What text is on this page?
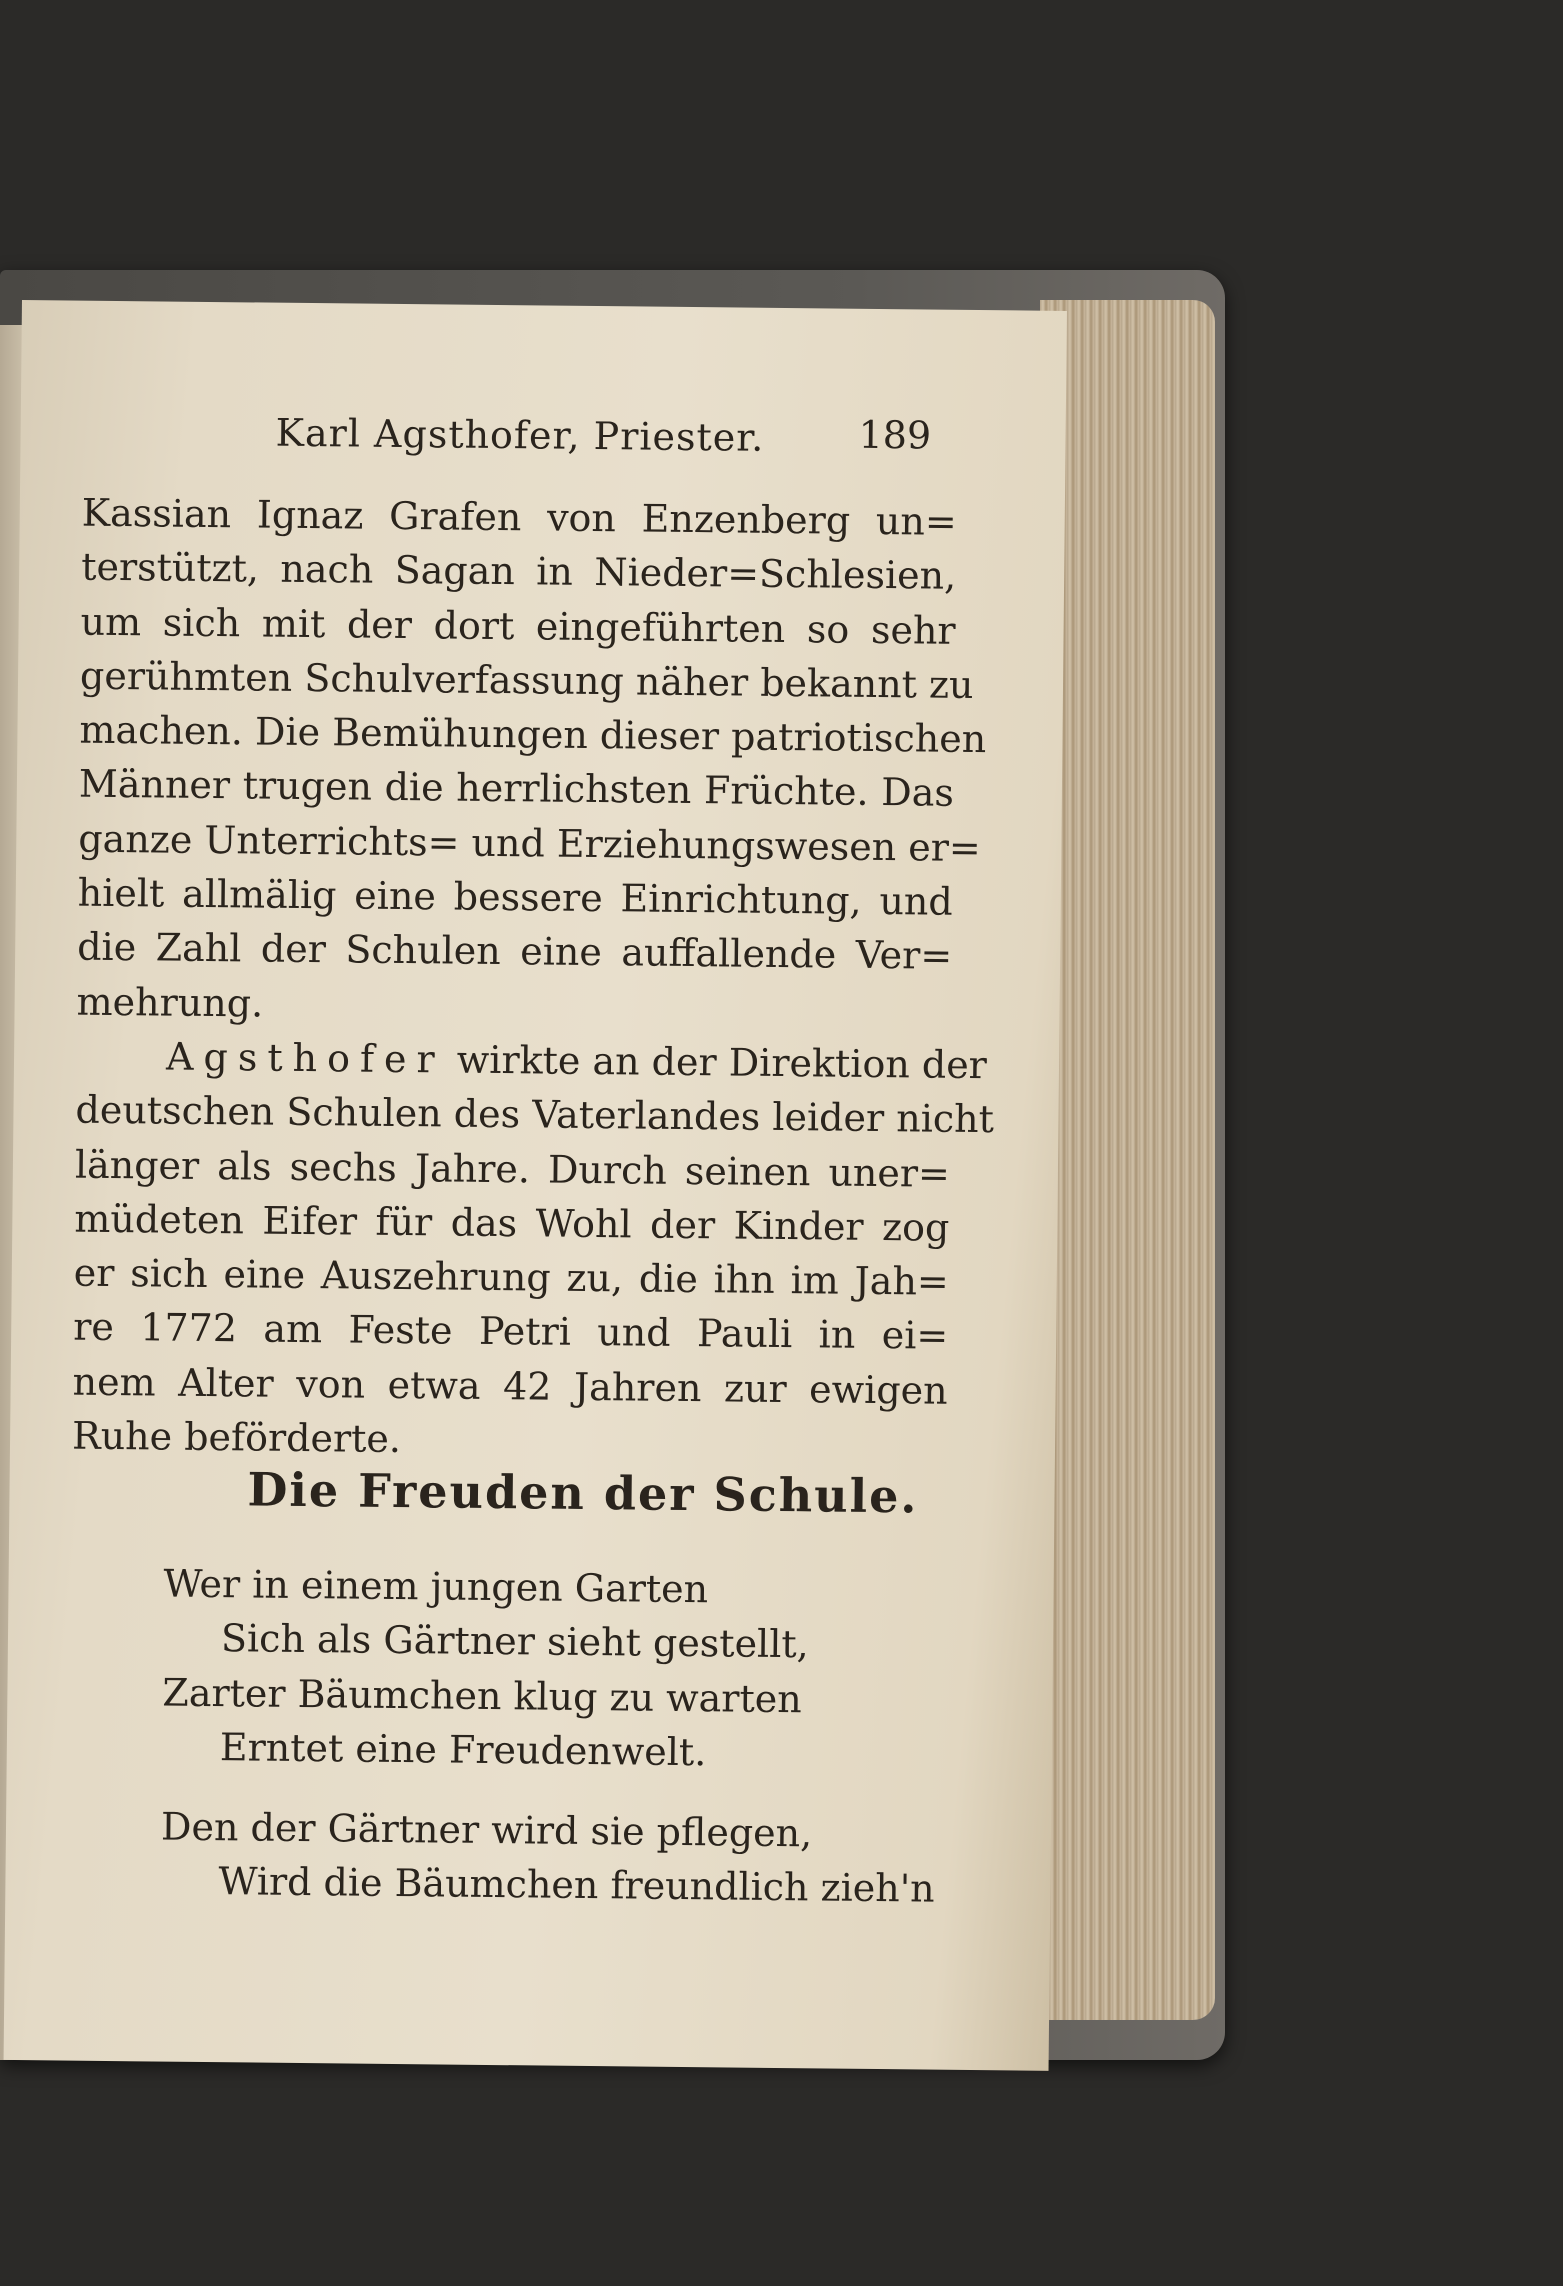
Karl Agsthofer, Priester. 189
Kassian Ignaz Grafen von Enzenberg un=
terstützt, nach Sagan in Nieder=Schlesien,
um sich mit der dort eingeführten so sehr
gerühmten Schulverfassung näher bekannt zu
machen. Die Bemühungen dieser patriotischen
Männer trugen die herrlichsten Früchte. Das
ganze Unterrichts= und Erziehungswesen er=
hielt allmälig eine bessere Einrichtung, und
die Zahl der Schulen eine auffallende Ver=
mehrung.
Agsthofer wirkte an der Direktion der
deutschen Schulen des Vaterlandes leider nicht
länger als sechs Jahre. Durch seinen uner=
müdeten Eifer für das Wohl der Kinder zog
er sich eine Auszehrung zu, die ihn im Jah=
re 1772 am Feste Petri und Pauli in ei=
nem Alter von etwa 42 Jahren zur ewigen
Ruhe beförderte.
Die Freuden der Schule.
Wer in einem jungen Garten
Sich als Gärtner sieht gestellt,
Zarter Bäumchen klug zu warten
Erntet eine Freudenwelt.
Den der Gärtner wird sie pflegen,
Wird die Bäumchen freundlich zieh'n
